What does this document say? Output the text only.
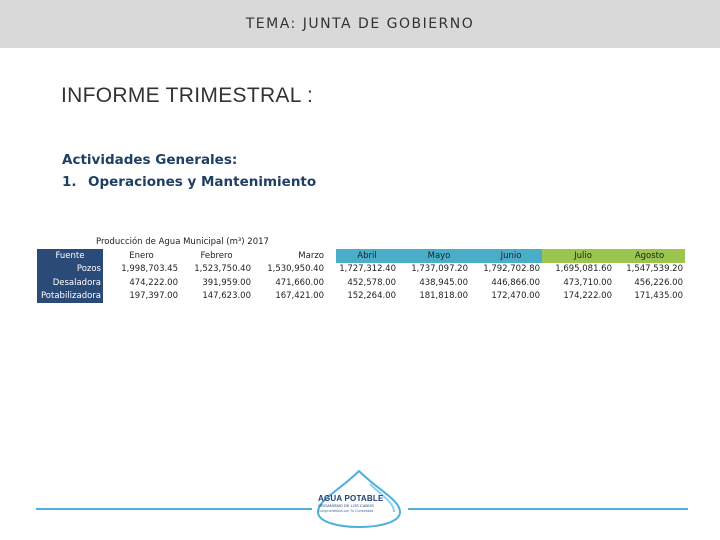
TEMA: JUNTA DE GOBIERNO
INFORME TRIMESTRAL :
Actividades Generales:
1. Operaciones y Mantenimiento
Producción de Agua Municipal (m³) 2017
Fuente	Enero	Febrero	Marzo		Abril		Mayo		Junio		Julio	Agosto
Pozos	1,998,703.45	1,523,750.40	1,530,950.40		1,727,312.40		1,737,097.20		1,792,702.80		1,695,081.60	1,547,539.20
Desaladora	474,222.00	391,959.00	471,660.00		452,578.00		438,945.00		446,866.00		473,710.00	456,226.00
Potabilizadora	197,397.00	147,623.00	167,421.00		152,264.00		181,818.00		172,470.00		174,222.00	171,435.00
AGUA POTABLE
ORGANISMO DE LOS CABOS
Comprometidos con Tu Comunidad
